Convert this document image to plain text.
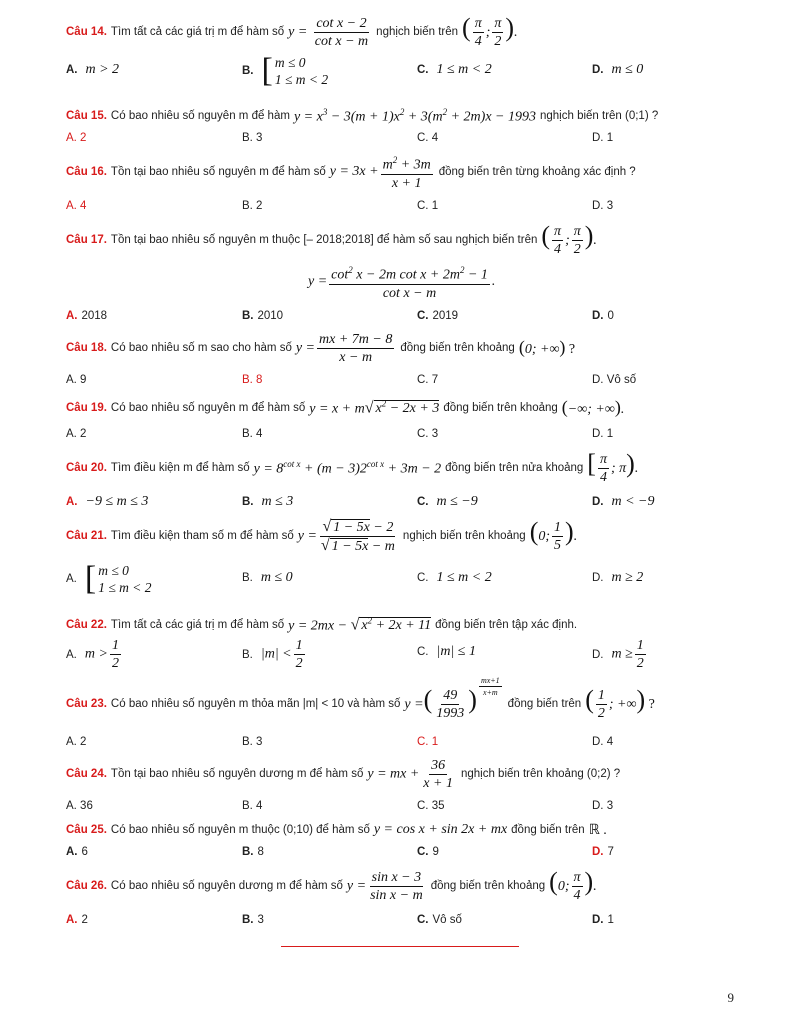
Câu 14. Tìm tất cả các giá trị m để hàm số $y = \frac{\text{cot x − 2}}{\text{cot x − m}}$ nghịch biến trên ( $\frac{\pi}{4}$ ; $\frac{\pi}{2}$ ).
A. m > 2	B. [ m ≤ 0
1 ≤ m < 2
C. 1 ≤ m < 2	D. m ≤ 0
Câu 15. Có bao nhiêu số nguyên m để hàm $y = x^3 - 3(m + 1)x^2 + 3(m^2 + 2m)x - 1993$ nghịch biến trên (0;1) ?
A. 2	B. 3	C. 4	D. 1
Câu 16. Tồn tại bao nhiêu số nguyên m để hàm số $y = 3x + \frac{m^2 + 3m}{x + 1}$ đồng biến trên từng khoảng xác định ?
A. 4	B. 2	C. 1	D. 3
Câu 17. Tồn tại bao nhiêu số nguyên m thuộc [– 2018;2018] để hàm số sau nghịch biến trên ( $\frac{\pi}{4}$ ; $\frac{\pi}{2}$ ).
$y = \frac{\cot^2 x - 2m \cot x + 2m^2 - 1}{\text{cot x − m}}$ .
A. 2018	B. 2010	C. 2019	D. 0
Câu 18. Có bao nhiêu số m sao cho hàm số $y = \frac{mx + 7m - 8}{x - m}$ đồng biến trên khoảng (0; +∞) ?
A. 9	B. 8	C. 7	D. Vô số
Câu 19. Có bao nhiêu số nguyên m để hàm số y = x + m√ $x^2 - 2x + 3$ đồng biến trên khoảng (−∞; +∞).
A. 2	B. 4	C. 3	D. 1
Câu 20. Tìm điều kiện m để hàm số $y = 8^{cot x} + (m - 3)2^{cot x} + 3m - 2$ đồng biến trên nửa khoảng [ $\frac{\pi}{4}$ ; π).
A. −9 ≤ m ≤ 3	B. m ≤ 3	C. m ≤ −9	D. m < −9
Câu 21. Tìm điều kiện tham số m để hàm số $y = \frac{√ 1 - 5x - 2}{√ 1 - 5x - m}$ nghịch biến trên khoảng (0; $\frac{1}{5}$ ).
A. [ m ≤ 0
1 ≤ m < 2
B. m ≤ 0	C. 1 ≤ m < 2	D. m ≥ 2
Câu 22. Tìm tất cả các giá trị m để hàm số y = 2mx − √ $x^2 + 2x + 11$ đồng biến trên tập xác định.
A. $m > \frac{1}{2}$	B. $|m| < \frac{1}{2}$	C. |m| ≤ 1	D. $m \ge \frac{1}{2}$
Câu 23. Có bao nhiêu số nguyên m thỏa mãn |m| < 10 và hàm số y =( $\frac{49}{1993}$ ) $^{\frac{mx+1}{x+m}}$
đồng biến trên ( $\frac{1}{2}$ ; +∞) ?
A. 2	B. 3	C. 1	D. 4
Câu 24. Tồn tại bao nhiêu số nguyên dương m để hàm số y = mx + $\frac{36}{x + 1}$ nghịch biến trên khoảng (0;2) ?
A. 36	B. 4	C. 35	D. 3
Câu 25. Có bao nhiêu số nguyên m thuộc (0;10) để hàm số y = cos x + sin 2x + mx đồng biến trên ℝ .
A. 6	B. 8	C. 9	D. 7
Câu 26. Có bao nhiêu số nguyên dương m để hàm số $y = \frac{\text{sin x − 3}}{\text{sin x − m}}$ đồng biến trên khoảng (0; $\frac{\pi}{4}$ ).
A. 2	B. 3	C. Vô số	D. 1
9
